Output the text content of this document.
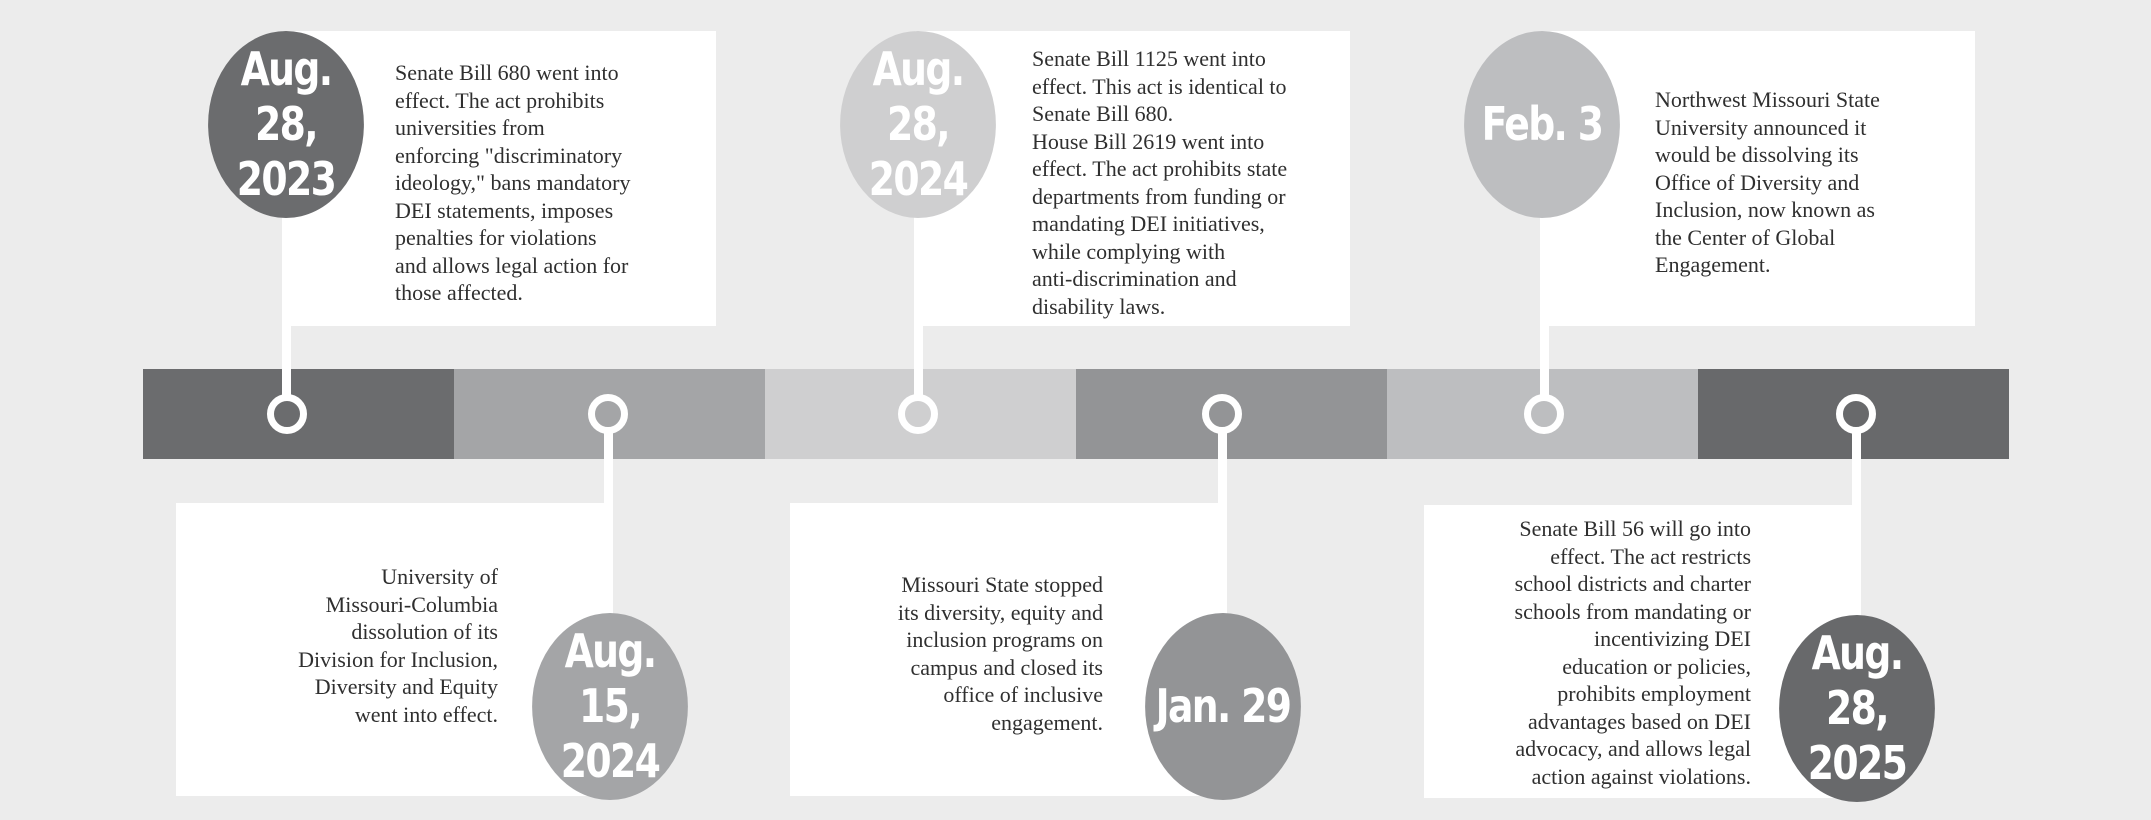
Senate Bill 680 went into
effect. The act prohibits
universities from
enforcing "discriminatory
ideology," bans mandatory
DEI statements, imposes
penalties for violations
and allows legal action for
those affected.
Senate Bill 1125 went into
effect. This act is identical to
Senate Bill 680.
House Bill 2619 went into
effect. The act prohibits state
departments from funding or
mandating DEI initiatives,
while complying with
anti-discrimination and
disability laws.
Northwest Missouri State
University announced it
would be dissolving its
Office of Diversity and
Inclusion, now known as
the Center of Global
Engagement.
University of
Missouri-Columbia
dissolution of its
Division for Inclusion,
Diversity and Equity
went into effect.
Missouri State stopped
its diversity, equity and
inclusion programs on
campus and closed its
office of inclusive
engagement.
Senate Bill 56 will go into
effect. The act restricts
school districts and charter
schools from mandating or
incentivizing DEI
education or policies,
prohibits employment
advantages based on DEI
advocacy, and allows legal
action against violations.
Aug. 28,
2023
Aug. 28,
2024
Feb. 3
Aug. 15,
2024
Jan. 29
Aug. 28,
2025
